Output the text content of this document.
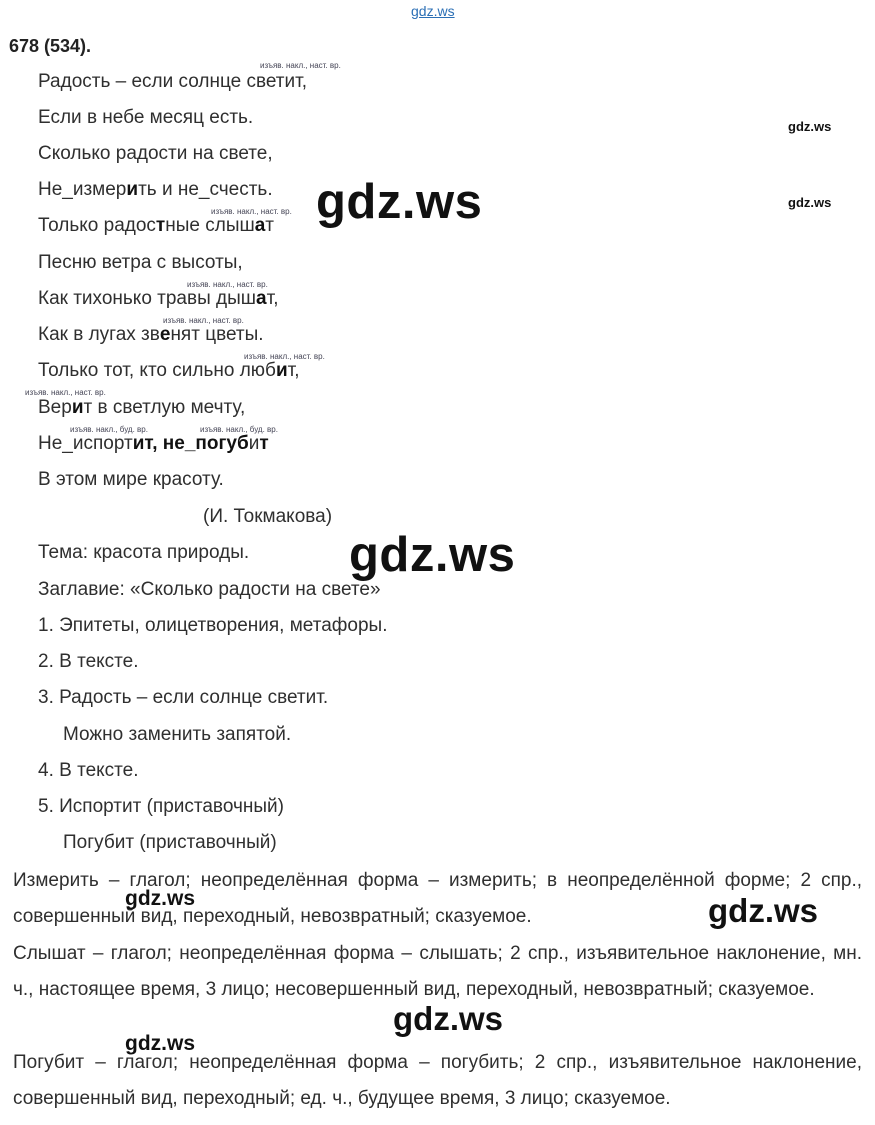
gdz.ws
678 (534).
изъяв. накл., наст. вр.
изъяв. накл., наст. вр.
изъяв. накл., наст. вр.
изъяв. накл., наст. вр.
изъяв. накл., наст. вр.
изъяв. накл., наст. вр.
изъяв. накл., буд. вр.	изъяв. накл., буд. вр.
Радость – если солнце светит,
Если в небе месяц есть.
Сколько радости на свете,
Не_измерить и не_счесть.
Только радостные слышат
Песню ветра с высоты,
Как тихонько травы дышат,
Как в лугах звенят цветы.
Только тот, кто сильно любит,
Верит в светлую мечту,
Не_испортит, не_погубит
В этом мире красоту.
(И. Токмакова)
Тема: красота природы.
Заглавие: «Сколько радости на свете»
1. Эпитеты, олицетворения, метафоры.
2. В тексте.
3. Радость – если солнце светит.
Можно заменить запятой.
4. В тексте.
5. Испортит (приставочный)
Погубит (приставочный)
Измерить – глагол; неопределённая форма – измерить; в неопределённой форме; 2 спр., совершенный вид, переходный, невозвратный; сказуемое.
Слышат – глагол; неопределённая форма – слышать; 2 спр., изъявительное наклонение, мн. ч., настоящее время, 3 лицо; несовершенный вид, переходный, невозвратный; сказуемое.
Погубит – глагол; неопределённая форма – погубить; 2 спр., изъявительное наклонение, совершенный вид, переходный; ед. ч., будущее время, 3 лицо; сказуемое.
gdz.ws
gdz.ws
gdz.ws
gdz.ws
gdz.ws	gdz.ws
gdz.ws
gdz.ws
